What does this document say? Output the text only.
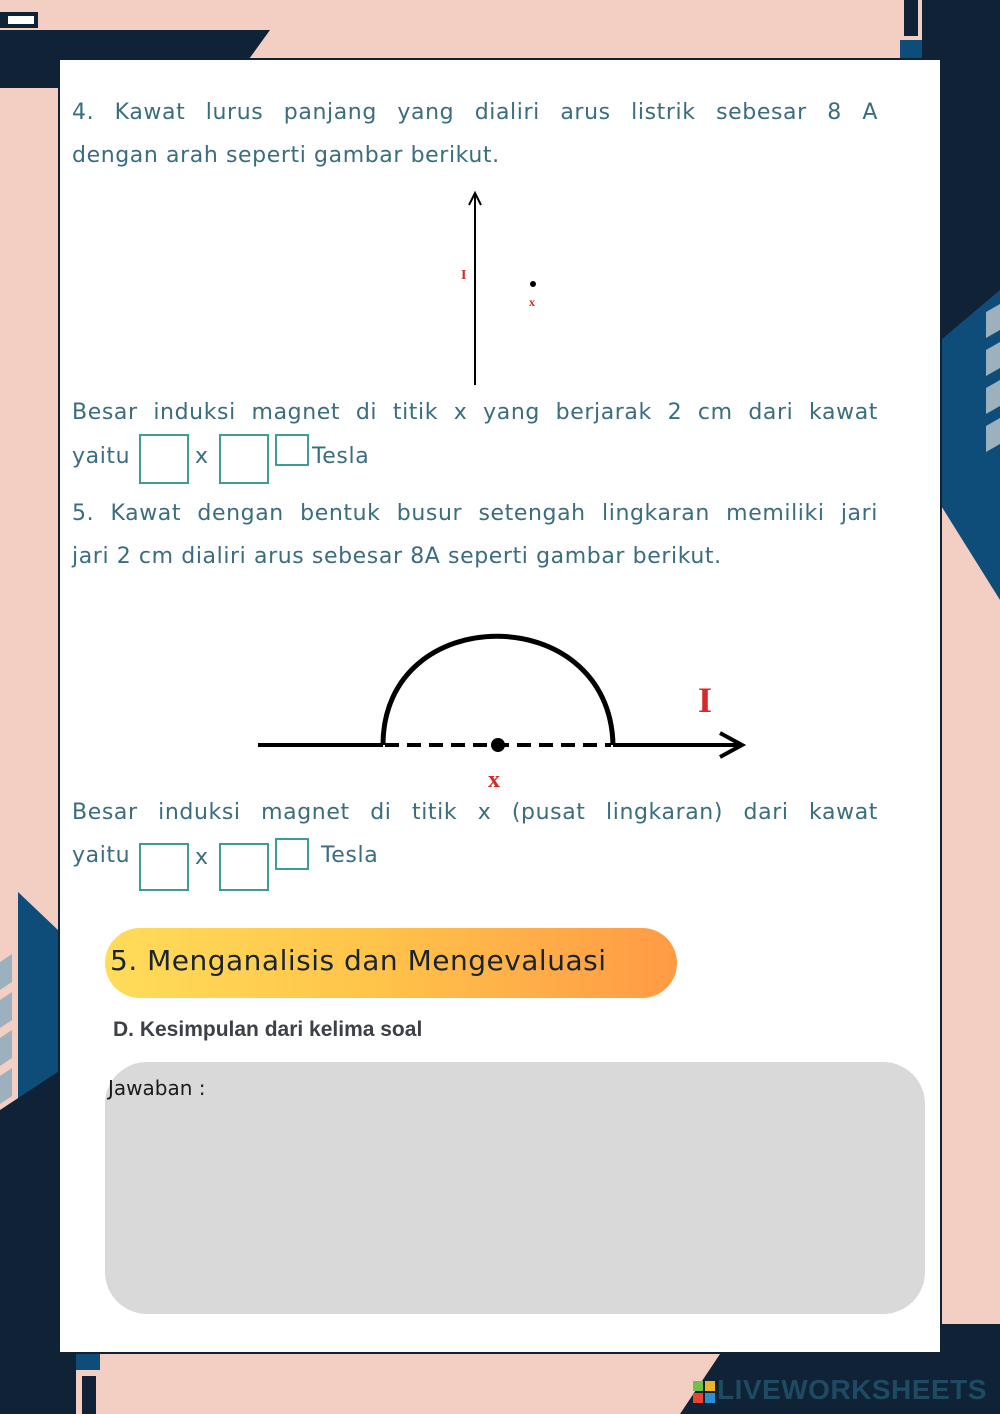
4. Kawat lurus panjang yang dialiri arus listrik sebesar 8 A
dengan arah seperti gambar berikut.
I
x
Besar induksi magnet di titik x yang berjarak 2 cm dari kawat
yaitu	x	Tesla
5. Kawat dengan bentuk busur setengah lingkaran memiliki jari
jari 2 cm dialiri arus sebesar 8A seperti gambar berikut.
I
x
Besar induksi magnet di titik x (pusat lingkaran) dari kawat
yaitu	x	Tesla
5. Menganalisis dan Mengevaluasi
D. Kesimpulan dari kelima soal
Jawaban :
LIVEWORKSHEETS
